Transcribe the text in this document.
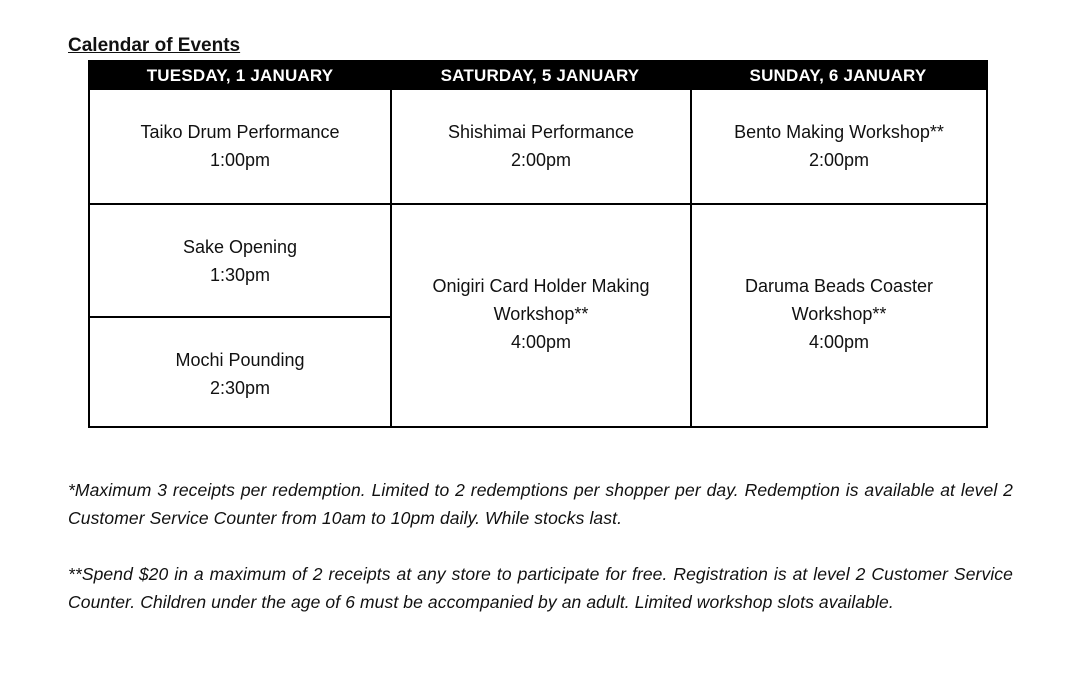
Calendar of Events
TUESDAY, 1 JANUARY	SATURDAY, 5 JANUARY	SUNDAY, 6 JANUARY
Taiko Drum Performance
1:00pm
Sake Opening
1:30pm
Mochi Pounding
2:30pm
Shishimai Performance
2:00pm
Onigiri Card Holder Making
Workshop**
4:00pm
Bento Making Workshop**
2:00pm
Daruma Beads Coaster
Workshop**
4:00pm

*Maximum 3 receipts per redemption. Limited to 2 redemptions per shopper per day. Redemption is available at level 2 Customer Service Counter from 10am to 10pm daily. While stocks last.

**Spend $20 in a maximum of 2 receipts at any store to participate for free. Registration is at level 2 Customer Service Counter. Children under the age of 6 must be accompanied by an adult. Limited workshop slots available.
